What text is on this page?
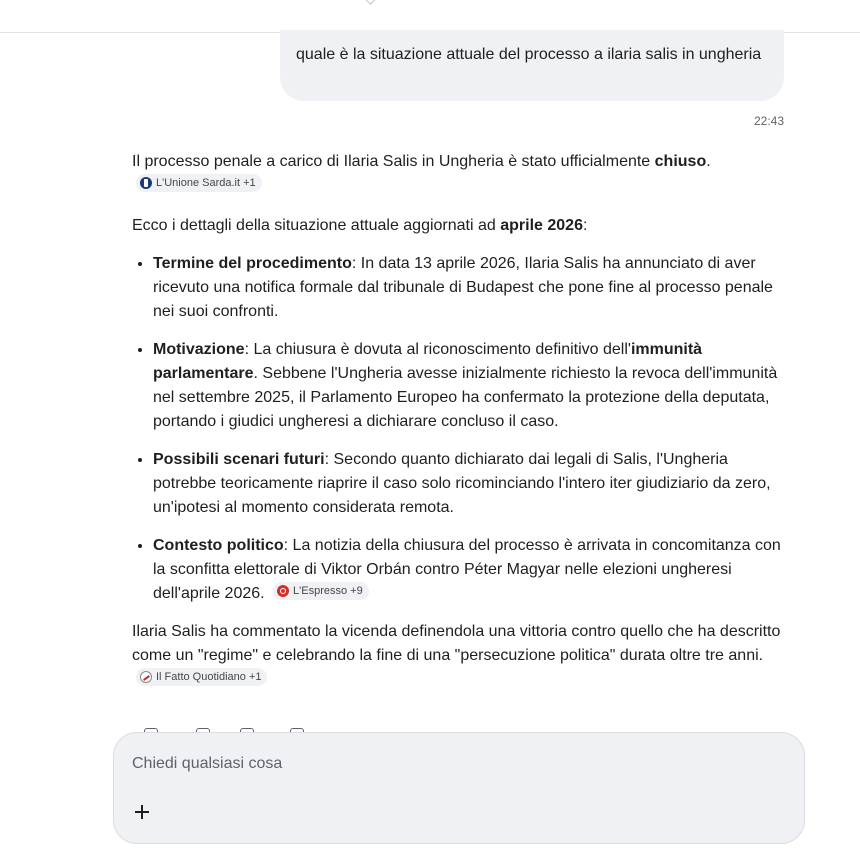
quale è la situazione attuale del processo a ilaria salis in ungheria
22:43

Il processo penale a carico di Ilaria Salis in Ungheria è stato ufficialmente chiuso.
L'Unione Sarda.it +1

Ecco i dettagli della situazione attuale aggiornati ad aprile 2026:

• Termine del procedimento: In data 13 aprile 2026, Ilaria Salis ha annunciato di aver ricevuto una notifica formale dal tribunale di Budapest che pone fine al processo penale nei suoi confronti.
• Motivazione: La chiusura è dovuta al riconoscimento definitivo dell'immunità parlamentare. Sebbene l'Ungheria avesse inizialmente richiesto la revoca dell'immunità nel settembre 2025, il Parlamento Europeo ha confermato la protezione della deputata, portando i giudici ungheresi a dichiarare concluso il caso.
• Possibili scenari futuri: Secondo quanto dichiarato dai legali di Salis, l'Ungheria potrebbe teoricamente riaprire il caso solo ricominciando l'intero iter giudiziario da zero, un'ipotesi al momento considerata remota.
• Contesto politico: La notizia della chiusura del processo è arrivata in concomitanza con la sconfitta elettorale di Viktor Orbán contro Péter Magyar nelle elezioni ungheresi dell'aprile 2026.	L'Espresso +9

Ilaria Salis ha commentato la vicenda definendola una vittoria contro quello che ha descritto come un "regime" e celebrando la fine di una "persecuzione politica" durata oltre tre anni.
Il Fatto Quotidiano +1

Chiedi qualsiasi cosa
